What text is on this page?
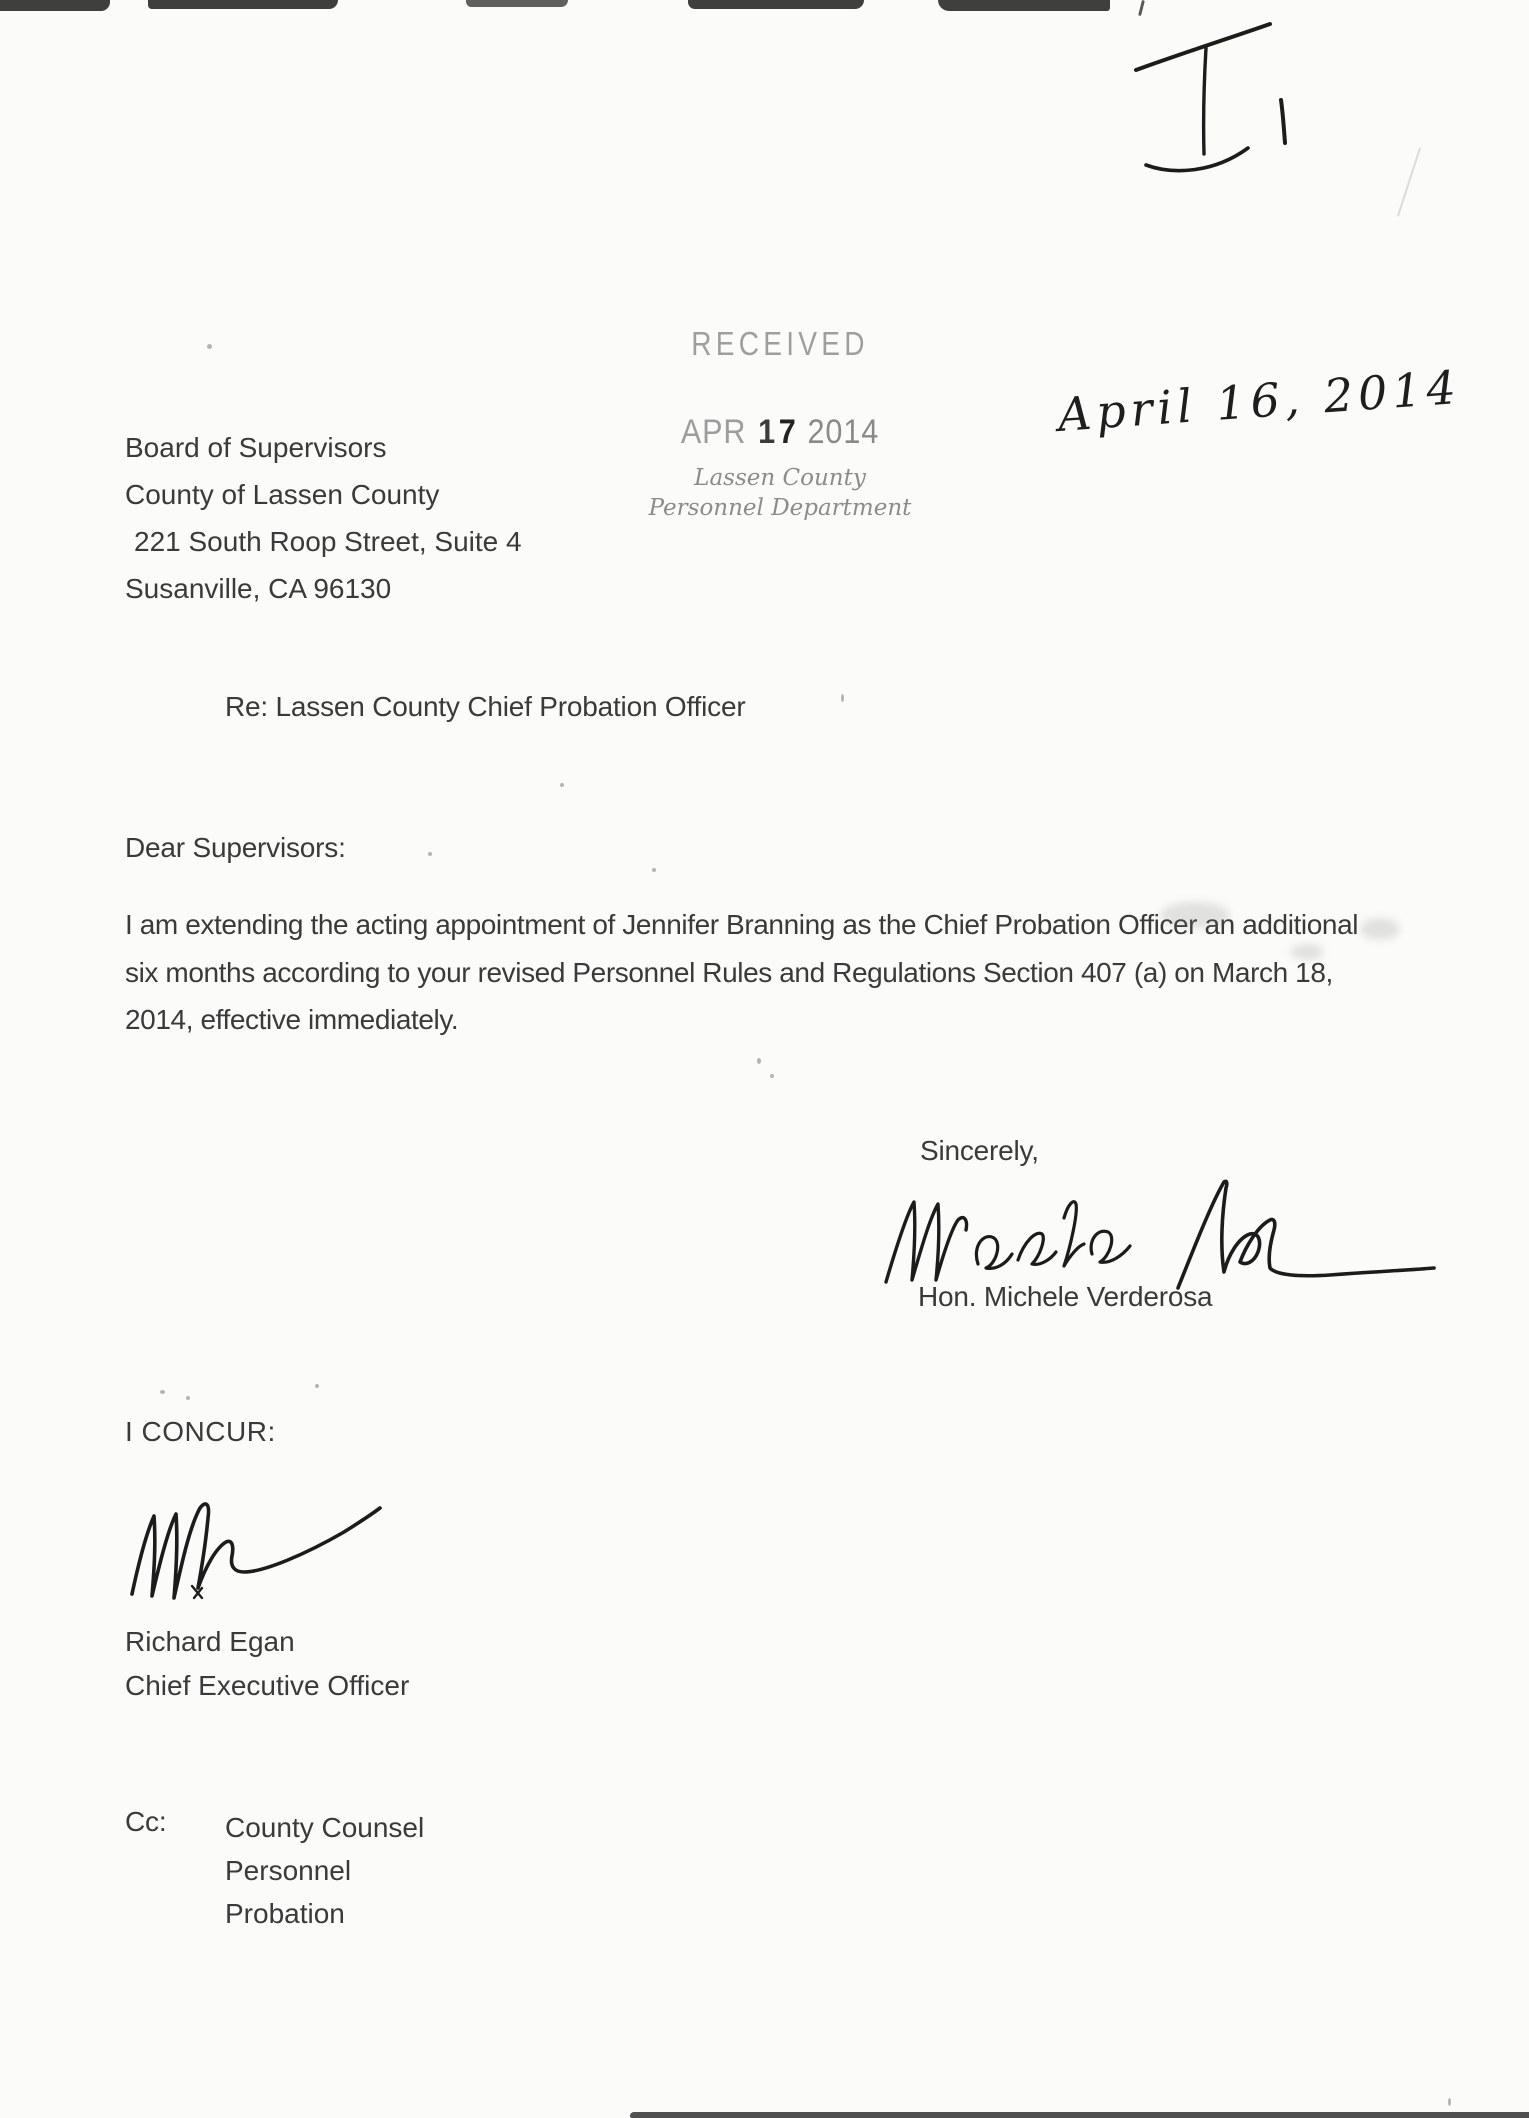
RECEIVED
APR 17 2014
Lassen County
Personnel Department
April 16, 2014
Board of Supervisors
County of Lassen County
221 South Roop Street, Suite 4
Susanville, CA 96130
Re: Lassen County Chief Probation Officer
Dear Supervisors:
I am extending the acting appointment of Jennifer Branning as the Chief Probation Officer an additional
six months according to your revised Personnel Rules and Regulations Section 407 (a) on March 18,
2014, effective immediately.
Sincerely,
Hon. Michele Verderosa
I CONCUR:
Richard Egan
Chief Executive Officer
Cc: County Counsel
Personnel
Probation
